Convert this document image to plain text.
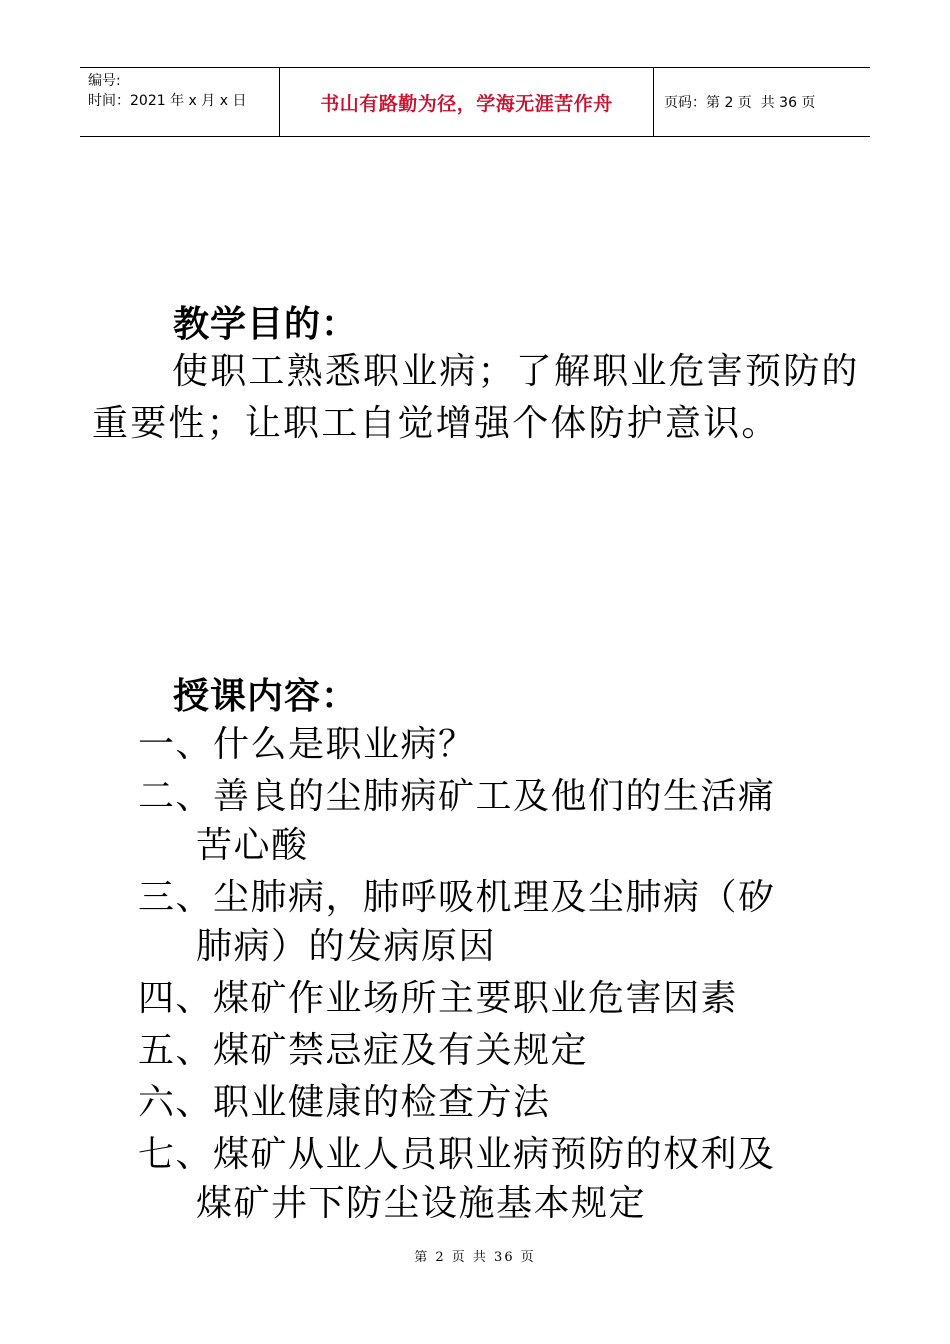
编号:
时间：2021 年 x 月 x 日	书山有路勤为径，学海无涯苦作舟	页码：第 2 页  共 36 页
教学目的：
使职工熟悉职业病；了解职业危害预防的重要性；让职工自觉增强个体防护意识。
授课内容：
一、什么是职业病？
二、善良的尘肺病矿工及他们的生活痛
苦心酸
三、尘肺病，肺呼吸机理及尘肺病（矽
肺病）的发病原因
四、煤矿作业场所主要职业危害因素
五、煤矿禁忌症及有关规定
六、职业健康的检查方法
七、煤矿从业人员职业病预防的权利及
煤矿井下防尘设施基本规定
第 2 页 共 36 页
